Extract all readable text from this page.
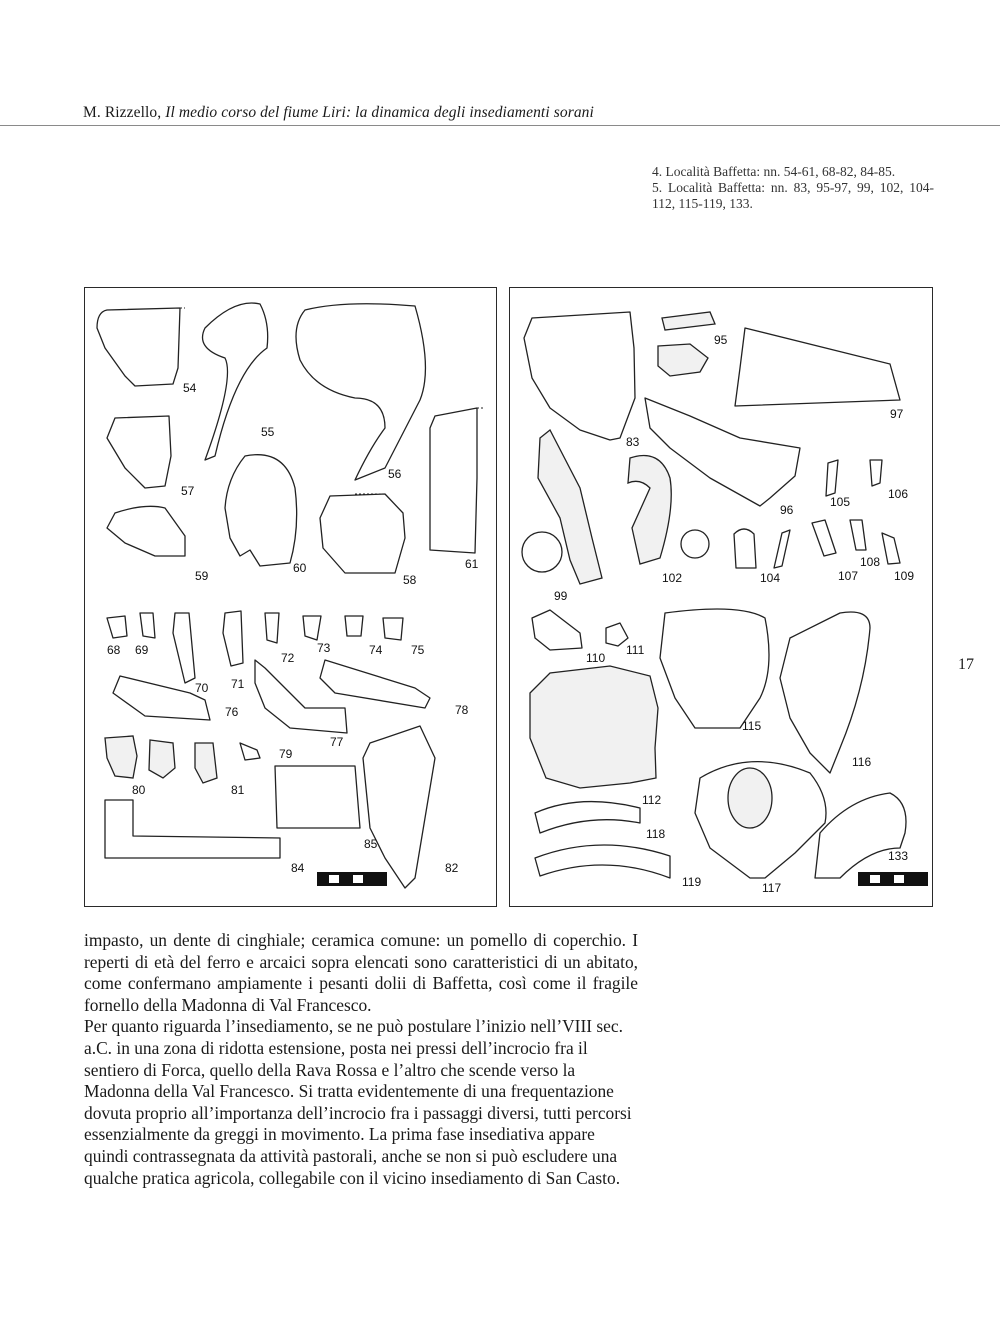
M. Rizzello, Il medio corso del fiume Liri: la dinamica degli insediamenti sorani

4. Località Baffetta: nn. 54-61, 68-82, 84-85.

5. Località Baffetta: nn. 83, 95-97, 99, 102, 104-112, 115-119, 133.

54
55
56
57
59
60
58
61
68 69
70 71
72
73	74 75
76	78
77
79
80	81
85
84	82
95
97
83
96
105
106
99
102	104	107
108
109
110
111
115
116
112
118
119	117
133
17

impasto, un dente di cinghiale; ceramica comune: un pomello di coperchio. I reperti di età del ferro e arcaici sopra elencati sono caratteristici di un abitato, come confermano ampiamente i pesanti dolii di Baffetta, così come il fragile fornello della Madonna di Val Francesco.

Per quanto riguarda l’insediamento, se ne può postulare l’inizio nell’VIII sec. a.C. in una zona di ridotta estensione, posta nei pressi dell’incrocio fra il sentiero di Forca, quello della Rava Rossa e l’altro che scende verso la Madonna della Val Francesco. Si tratta evidentemente di una frequentazione dovuta proprio all’importanza dell’incrocio fra i passaggi diversi, tutti percorsi essenzialmente da greggi in movimento. La prima fase insediativa appare quindi contrassegnata da attività pastorali, anche se non si può escludere una qualche pratica agricola, collegabile con il vicino insediamento di San Casto.
